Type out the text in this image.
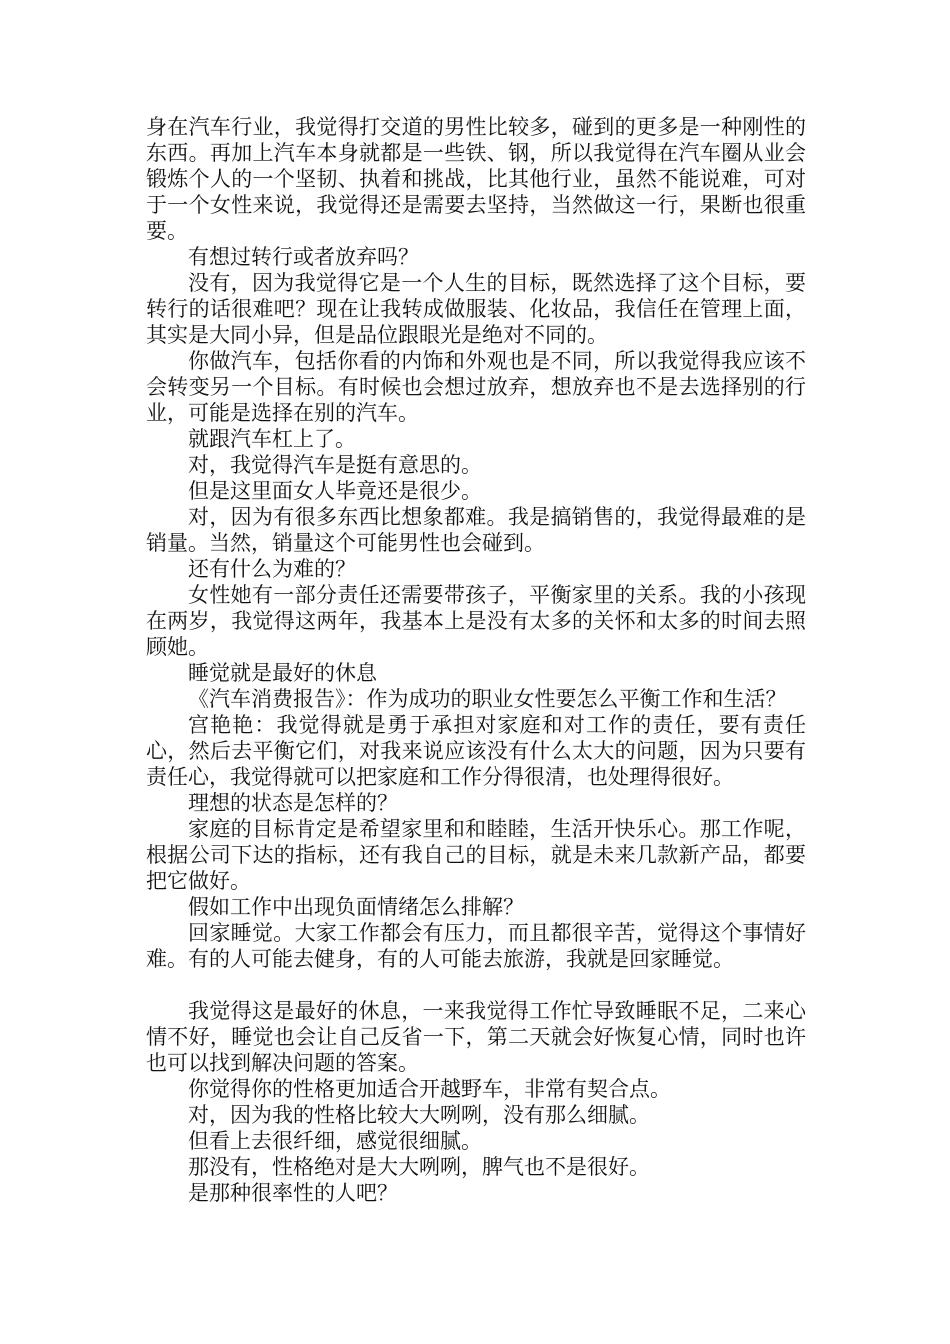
身在汽车行业，我觉得打交道的男性比较多，碰到的更多是一种刚性的东西。再加上汽车本身就都是一些铁、钢，所以我觉得在汽车圈从业会锻炼个人的一个坚韧、执着和挑战，比其他行业，虽然不能说难，可对于一个女性来说，我觉得还是需要去坚持，当然做这一行，果断也很重要。

有想过转行或者放弃吗？

没有，因为我觉得它是一个人生的目标，既然选择了这个目标，要转行的话很难吧？现在让我转成做服装、化妆品，我信任在管理上面，其实是大同小异，但是品位跟眼光是绝对不同的。

你做汽车，包括你看的内饰和外观也是不同，所以我觉得我应该不会转变另一个目标。有时候也会想过放弃，想放弃也不是去选择别的行业，可能是选择在别的汽车。

就跟汽车杠上了。

对，我觉得汽车是挺有意思的。

但是这里面女人毕竟还是很少。

对，因为有很多东西比想象都难。我是搞销售的，我觉得最难的是销量。当然，销量这个可能男性也会碰到。

还有什么为难的？

女性她有一部分责任还需要带孩子，平衡家里的关系。我的小孩现在两岁，我觉得这两年，我基本上是没有太多的关怀和太多的时间去照顾她。

睡觉就是最好的休息

《汽车消费报告》：作为成功的职业女性要怎么平衡工作和生活？

宫艳艳：我觉得就是勇于承担对家庭和对工作的责任，要有责任心，然后去平衡它们，对我来说应该没有什么太大的问题，因为只要有责任心，我觉得就可以把家庭和工作分得很清，也处理得很好。

理想的状态是怎样的？

家庭的目标肯定是希望家里和和睦睦，生活开快乐心。那工作呢，根据公司下达的指标，还有我自己的目标，就是未来几款新产品，都要把它做好。

假如工作中出现负面情绪怎么排解？

回家睡觉。大家工作都会有压力，而且都很辛苦，觉得这个事情好难。有的人可能去健身，有的人可能去旅游，我就是回家睡觉。

我觉得这是最好的休息，一来我觉得工作忙导致睡眠不足，二来心情不好，睡觉也会让自己反省一下，第二天就会好恢复心情，同时也许也可以找到解决问题的答案。

你觉得你的性格更加适合开越野车，非常有契合点。

对，因为我的性格比较大大咧咧，没有那么细腻。

但看上去很纤细，感觉很细腻。

那没有，性格绝对是大大咧咧，脾气也不是很好。

是那种很率性的人吧？
